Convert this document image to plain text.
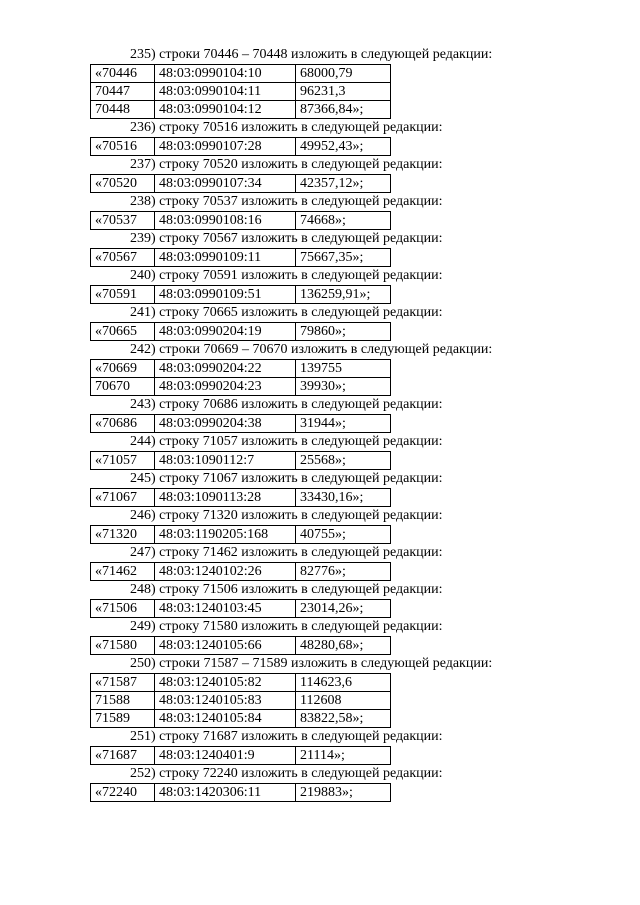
235) строки 70446 – 70448 изложить в следующей редакции:
«70446	48:03:0990104:10	68000,79
70447	48:03:0990104:11	96231,3
70448	48:03:0990104:12	87366,84»;
236) строку 70516 изложить в следующей редакции:
«70516	48:03:0990107:28	49952,43»;
237) строку 70520 изложить в следующей редакции:
«70520	48:03:0990107:34	42357,12»;
238) строку 70537 изложить в следующей редакции:
«70537	48:03:0990108:16	74668»;
239) строку 70567 изложить в следующей редакции:
«70567	48:03:0990109:11	75667,35»;
240) строку 70591 изложить в следующей редакции:
«70591	48:03:0990109:51	136259,91»;
241) строку 70665 изложить в следующей редакции:
«70665	48:03:0990204:19	79860»;
242) строки 70669 – 70670 изложить в следующей редакции:
«70669	48:03:0990204:22	139755
70670	48:03:0990204:23	39930»;
243) строку 70686 изложить в следующей редакции:
«70686	48:03:0990204:38	31944»;
244) строку 71057 изложить в следующей редакции:
«71057	48:03:1090112:7	25568»;
245) строку 71067 изложить в следующей редакции:
«71067	48:03:1090113:28	33430,16»;
246) строку 71320 изложить в следующей редакции:
«71320	48:03:1190205:168	40755»;
247) строку 71462 изложить в следующей редакции:
«71462	48:03:1240102:26	82776»;
248) строку 71506 изложить в следующей редакции:
«71506	48:03:1240103:45	23014,26»;
249) строку 71580 изложить в следующей редакции:
«71580	48:03:1240105:66	48280,68»;
250) строки 71587 – 71589 изложить в следующей редакции:
«71587	48:03:1240105:82	114623,6
71588	48:03:1240105:83	112608
71589	48:03:1240105:84	83822,58»;
251) строку 71687 изложить в следующей редакции:
«71687	48:03:1240401:9	21114»;
252) строку 72240 изложить в следующей редакции:
«72240	48:03:1420306:11	219883»;
